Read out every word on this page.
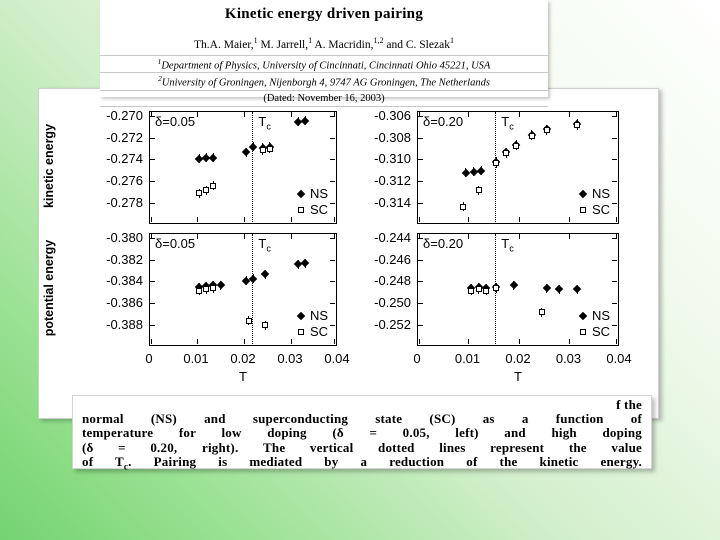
kinetic energy
potential energy
δ=0.05	$T_c$
NS
SC
-0.270
-0.272
-0.274
-0.276
-0.278
δ=0.20	$T_c$
NS
SC
-0.306
-0.308
-0.310
-0.312
-0.314
δ=0.05	$T_c$
NS
SC
-0.380
-0.382
-0.384
-0.386
-0.388
0	0.01	0.02	0.03	0.04
T
δ=0.20	$T_c$
NS
SC
-0.244
-0.246
-0.248
-0.250
-0.252
0	0.01	0.02	0.03	0.04
T
Kinetic energy driven pairing
Th.A. Maier,$^1$ M. Jarrell,$^1$ A. Macridin,$^{1,2}$ and C. Slezak$^1$
$^1$Department of Physics, University of Cincinnati, Cincinnati Ohio 45221, USA
$^2$University of Groningen, Nijenborgh 4, 9747 AG Groningen, The Netherlands
(Dated: November 16, 2003)
f the
normal (NS) and superconducting state (SC) as a function of
temperature for low doping (δ = 0.05, left) and high doping
(δ = 0.20, right). The vertical dotted lines represent the value
of $T_c$. Pairing is mediated by a reduction of the kinetic energy.
